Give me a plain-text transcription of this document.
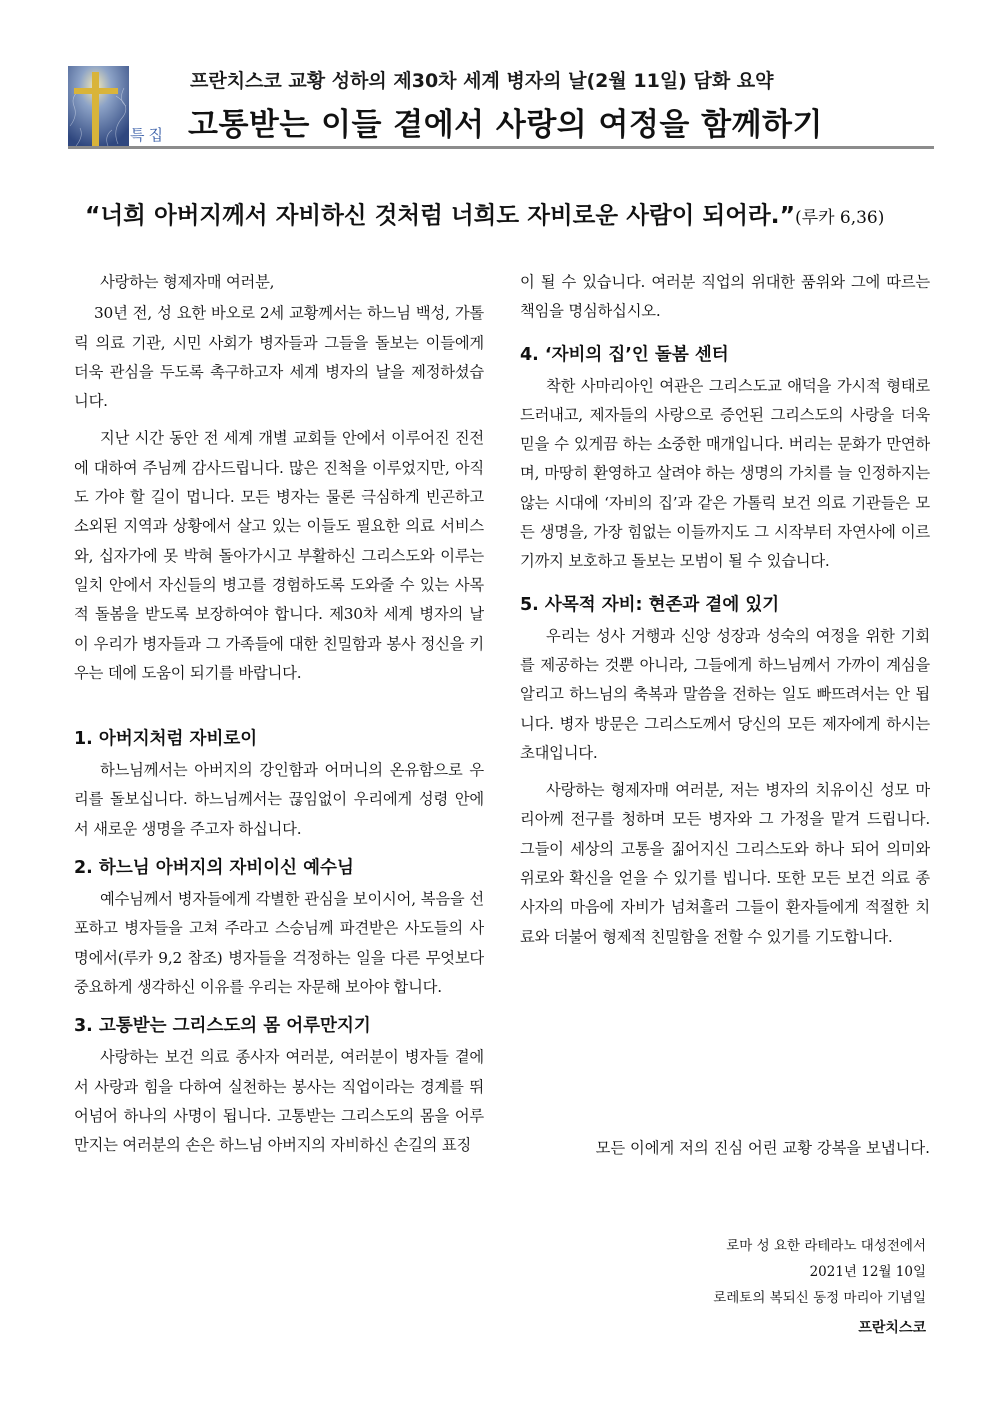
특집
프란치스코 교황 성하의 제30차 세계 병자의 날(2월 11일) 담화 요약
고통받는 이들 곁에서 사랑의 여정을 함께하기
“너희 아버지께서 자비하신 것처럼 너희도 자비로운 사람이 되어라.”(루카 6,36)

사랑하는 형제자매 여러분,

30년 전, 성 요한 바오로 2세 교황께서는 하느님 백성, 가톨릭 의료 기관, 시민 사회가 병자들과 그들을 돌보는 이들에게 더욱 관심을 두도록 촉구하고자 세계 병자의 날을 제정하셨습니다.

지난 시간 동안 전 세계 개별 교회들 안에서 이루어진 진전에 대하여 주님께 감사드립니다. 많은 진척을 이루었지만, 아직도 가야 할 길이 멉니다. 모든 병자는 물론 극심하게 빈곤하고 소외된 지역과 상황에서 살고 있는 이들도 필요한 의료 서비스와, 십자가에 못 박혀 돌아가시고 부활하신 그리스도와 이루는 일치 안에서 자신들의 병고를 경험하도록 도와줄 수 있는 사목적 돌봄을 받도록 보장하여야 합니다. 제30차 세계 병자의 날이 우리가 병자들과 그 가족들에 대한 친밀함과 봉사 정신을 키우는 데에 도움이 되기를 바랍니다.

1. 아버지처럼 자비로이

하느님께서는 아버지의 강인함과 어머니의 온유함으로 우리를 돌보십니다. 하느님께서는 끊임없이 우리에게 성령 안에서 새로운 생명을 주고자 하십니다.

2. 하느님 아버지의 자비이신 예수님

예수님께서 병자들에게 각별한 관심을 보이시어, 복음을 선포하고 병자들을 고쳐 주라고 스승님께 파견받은 사도들의 사명에서(루카 9,2 참조) 병자들을 걱정하는 일을 다른 무엇보다 중요하게 생각하신 이유를 우리는 자문해 보아야 합니다.

3. 고통받는 그리스도의 몸 어루만지기

사랑하는 보건 의료 종사자 여러분, 여러분이 병자들 곁에서 사랑과 힘을 다하여 실천하는 봉사는 직업이라는 경계를 뛰어넘어 하나의 사명이 됩니다. 고통받는 그리스도의 몸을 어루만지는 여러분의 손은 하느님 아버지의 자비하신 손길의 표징

이 될 수 있습니다. 여러분 직업의 위대한 품위와 그에 따르는 책임을 명심하십시오.

4. ‘자비의 집’인 돌봄 센터

착한 사마리아인 여관은 그리스도교 애덕을 가시적 형태로 드러내고, 제자들의 사랑으로 증언된 그리스도의 사랑을 더욱 믿을 수 있게끔 하는 소중한 매개입니다. 버리는 문화가 만연하며, 마땅히 환영하고 살려야 하는 생명의 가치를 늘 인정하지는 않는 시대에 ‘자비의 집’과 같은 가톨릭 보건 의료 기관들은 모든 생명을, 가장 힘없는 이들까지도 그 시작부터 자연사에 이르기까지 보호하고 돌보는 모범이 될 수 있습니다.

5. 사목적 자비: 현존과 곁에 있기

우리는 성사 거행과 신앙 성장과 성숙의 여정을 위한 기회를 제공하는 것뿐 아니라, 그들에게 하느님께서 가까이 계심을 알리고 하느님의 축복과 말씀을 전하는 일도 빠뜨려서는 안 됩니다. 병자 방문은 그리스도께서 당신의 모든 제자에게 하시는 초대입니다.

사랑하는 형제자매 여러분, 저는 병자의 치유이신 성모 마리아께 전구를 청하며 모든 병자와 그 가정을 맡겨 드립니다. 그들이 세상의 고통을 짊어지신 그리스도와 하나 되어 의미와 위로와 확신을 얻을 수 있기를 빕니다. 또한 모든 보건 의료 종사자의 마음에 자비가 넘쳐흘러 그들이 환자들에게 적절한 치료와 더불어 형제적 친밀함을 전할 수 있기를 기도합니다.

모든 이에게 저의 진심 어린 교황 강복을 보냅니다.
로마 성 요한 라테라노 대성전에서
2021년 12월 10일
로레토의 복되신 동정 마리아 기념일
프란치스코
